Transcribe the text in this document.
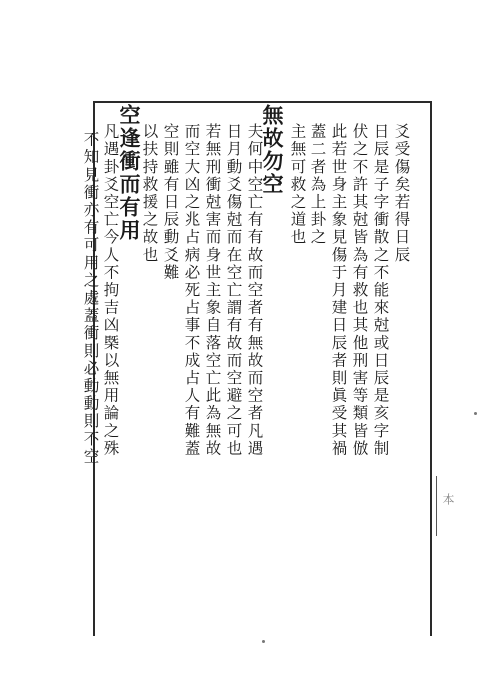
爻受傷矣若得日辰
日辰是子字衝散之不能來尅或日辰是亥字制
伏之不許其尅皆為有救也其他刑害等類皆倣
此若世身主象見傷于月建日辰者則眞受其禍
蓋二者為上卦之
主無可救之道也
無故勿空
夫何中空亡有有故而空者有無故而空者凡遇
日月動爻傷尅而在空亡謂有故而空避之可也
若無刑衝尅害而身世主象自落空亡此為無故
而空大凶之兆占病必死占事不成占人有難蓋
空則雖有日辰動爻難
以扶持救援之故也
空逢衝而有用
凡遇卦爻空亡今人不拘吉凶槩以無用論之殊
不知見衝亦有可用之處蓋衝則必動動則不空
本
